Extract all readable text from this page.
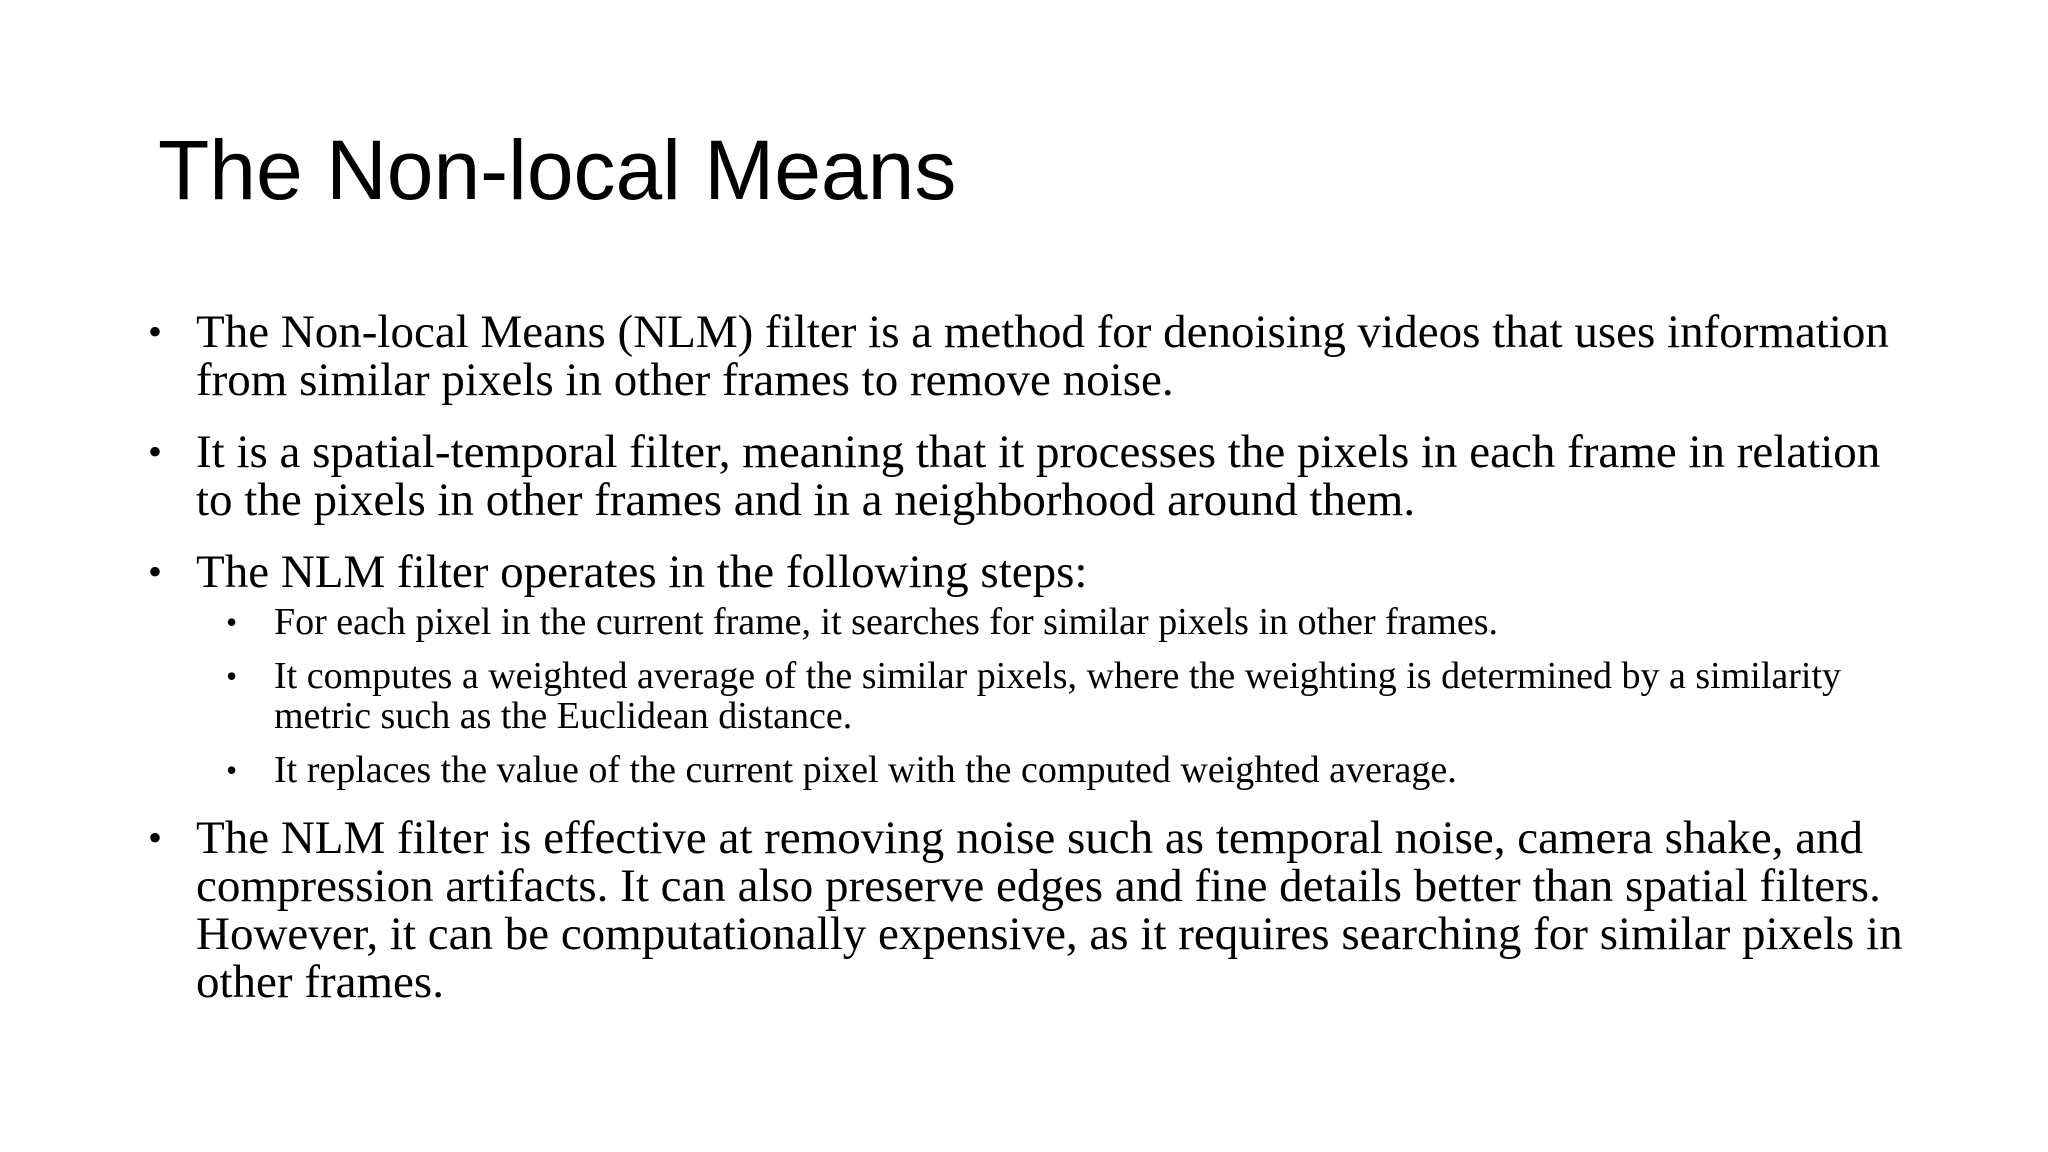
The Non-local Means
• The Non-local Means (NLM) filter is a method for denoising videos that uses information from similar pixels in other frames to remove noise.
• It is a spatial-temporal filter, meaning that it processes the pixels in each frame in relation to the pixels in other frames and in a neighborhood around them.
• The NLM filter operates in the following steps:
• For each pixel in the current frame, it searches for similar pixels in other frames.
• It computes a weighted average of the similar pixels, where the weighting is determined by a similarity metric such as the Euclidean distance.
• It replaces the value of the current pixel with the computed weighted average.
• The NLM filter is effective at removing noise such as temporal noise, camera shake, and compression artifacts. It can also preserve edges and fine details better than spatial filters. However, it can be computationally expensive, as it requires searching for similar pixels in other frames.
